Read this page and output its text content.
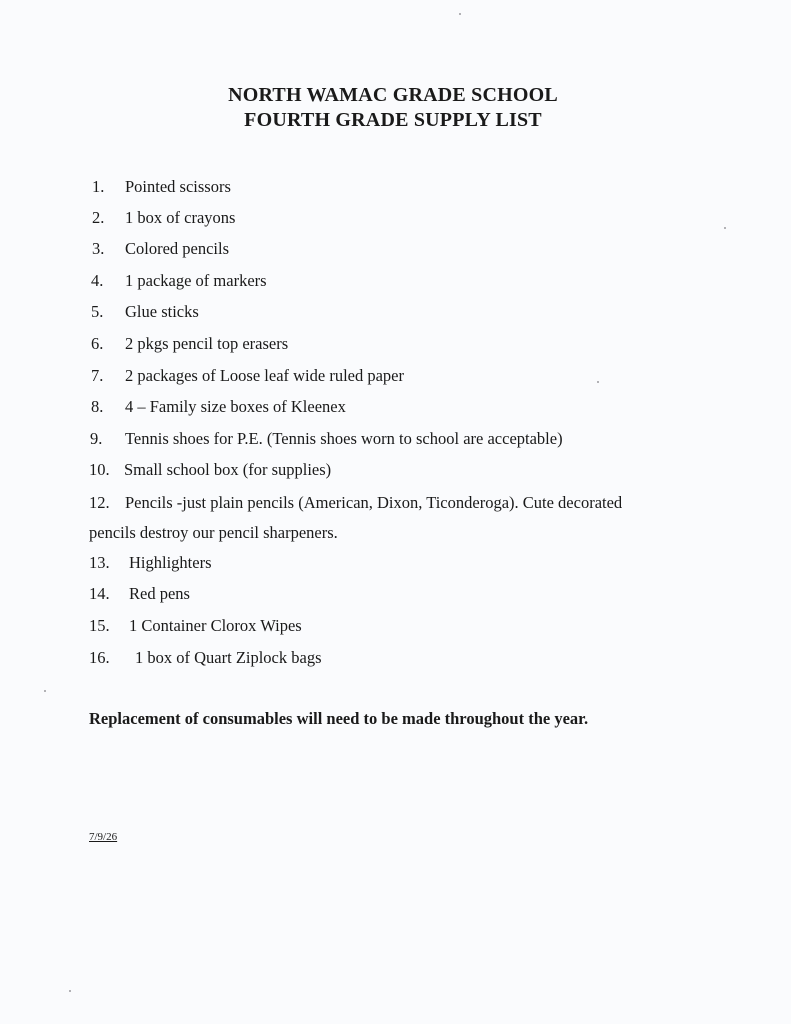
NORTH WAMAC GRADE SCHOOL
FOURTH GRADE SUPPLY LIST
1. Pointed scissors
2. 1 box of crayons
3. Colored pencils
4. 1 package of markers
5. Glue sticks
6. 2 pkgs pencil top erasers
7. 2 packages of Loose leaf wide ruled paper
8. 4 – Family size boxes of Kleenex
9. Tennis shoes for P.E. (Tennis shoes worn to school are acceptable)
10. Small school box (for supplies)
12. Pencils -just plain pencils (American, Dixon, Ticonderoga). Cute decorated
pencils destroy our pencil sharpeners.
13. Highlighters
14. Red pens
15. 1 Container Clorox Wipes
16. 1 box of Quart Ziplock bags
Replacement of consumables will need to be made throughout the year.
7/9/26
